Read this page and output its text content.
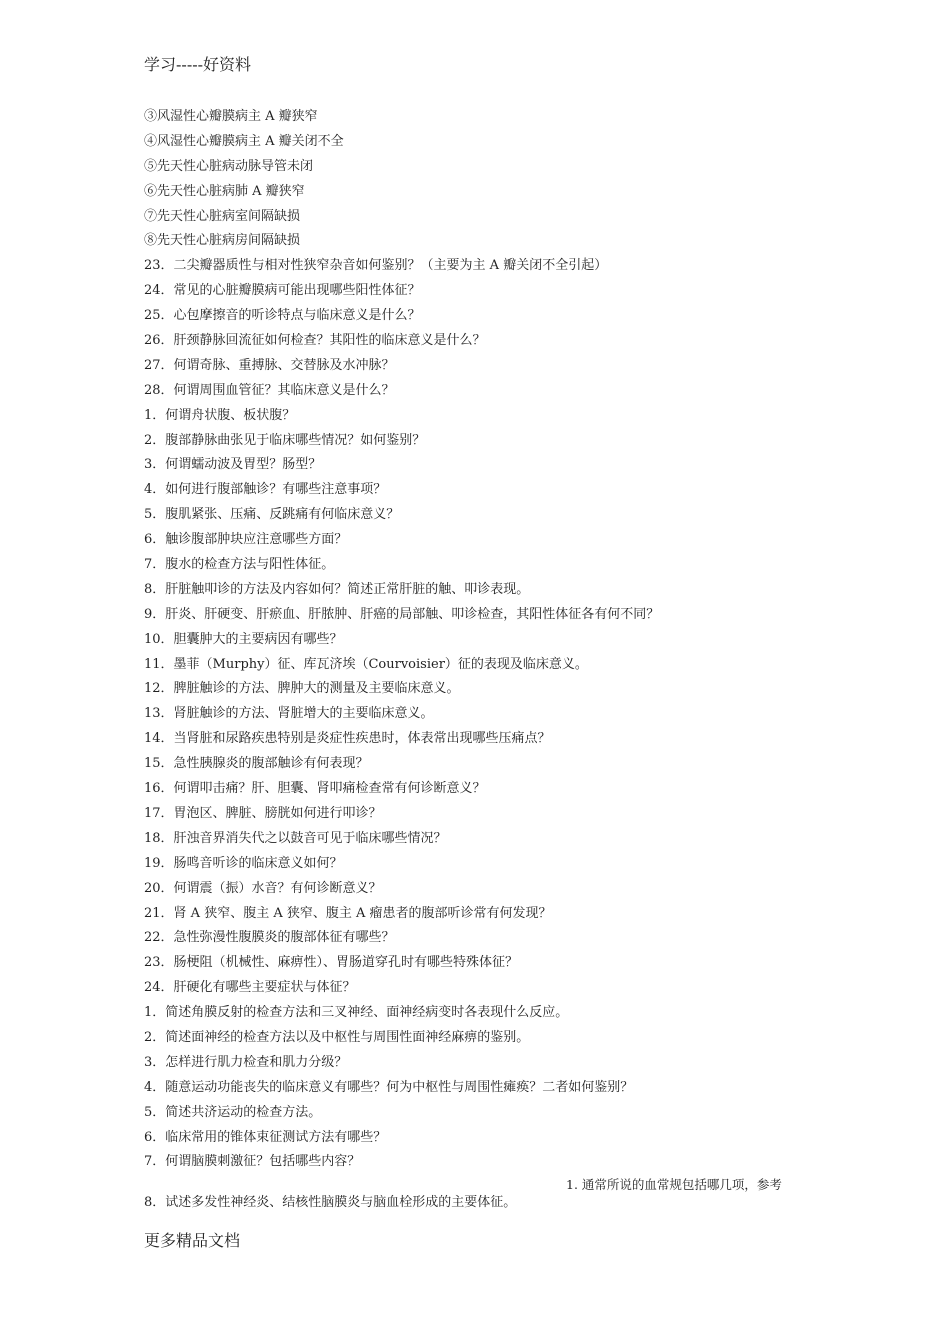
学习-----好资料
③风湿性心瓣膜病主 A 瓣狭窄
④风湿性心瓣膜病主 A 瓣关闭不全
⑤先天性心脏病动脉导管未闭
⑥先天性心脏病肺 A 瓣狭窄
⑦先天性心脏病室间隔缺损
⑧先天性心脏病房间隔缺损
23．二尖瓣器质性与相对性狭窄杂音如何鉴别？（主要为主 A 瓣关闭不全引起）
24．常见的心脏瓣膜病可能出现哪些阳性体征？
25．心包摩擦音的听诊特点与临床意义是什么？
26．肝颈静脉回流征如何检查？其阳性的临床意义是什么？
27．何谓奇脉、重搏脉、交替脉及水冲脉？
28．何谓周围血管征？其临床意义是什么？
1．何谓舟状腹、板状腹？
2．腹部静脉曲张见于临床哪些情况？如何鉴别？
3．何谓蠕动波及胃型？肠型？
4．如何进行腹部触诊？有哪些注意事项？
5．腹肌紧张、压痛、反跳痛有何临床意义？
6．触诊腹部肿块应注意哪些方面？
7．腹水的检查方法与阳性体征。
8．肝脏触叩诊的方法及内容如何？简述正常肝脏的触、叩诊表现。
9．肝炎、肝硬变、肝瘀血、肝脓肿、肝癌的局部触、叩诊检查，其阳性体征各有何不同？
10．胆囊肿大的主要病因有哪些？
11．墨菲（Murphy）征、库瓦济埃（Courvoisier）征的表现及临床意义。
12．脾脏触诊的方法、脾肿大的测量及主要临床意义。
13．肾脏触诊的方法、肾脏增大的主要临床意义。
14．当肾脏和尿路疾患特别是炎症性疾患时，体表常出现哪些压痛点？
15．急性胰腺炎的腹部触诊有何表现？
16．何谓叩击痛？肝、胆囊、肾叩痛检查常有何诊断意义？
17．胃泡区、脾脏、膀胱如何进行叩诊？
18．肝浊音界消失代之以鼓音可见于临床哪些情况？
19．肠鸣音听诊的临床意义如何？
20．何谓震（振）水音？有何诊断意义？
21．肾 A 狭窄、腹主 A 狭窄、腹主 A 瘤患者的腹部听诊常有何发现？
22．急性弥漫性腹膜炎的腹部体征有哪些？
23．肠梗阻（机械性、麻痹性）、胃肠道穿孔时有哪些特殊体征？
24．肝硬化有哪些主要症状与体征？
1．简述角膜反射的检查方法和三叉神经、面神经病变时各表现什么反应。
2．简述面神经的检查方法以及中枢性与周围性面神经麻痹的鉴别。
3．怎样进行肌力检查和肌力分级？
4．随意运动功能丧失的临床意义有哪些？何为中枢性与周围性瘫痪？二者如何鉴别？
5．简述共济运动的检查方法。
6．临床常用的锥体束征测试方法有哪些？
7．何谓脑膜刺激征？包括哪些内容？
8．试述多发性神经炎、结核性脑膜炎与脑血栓形成的主要体征。
1. 通常所说的血常规包括哪几项，参考
更多精品文档
